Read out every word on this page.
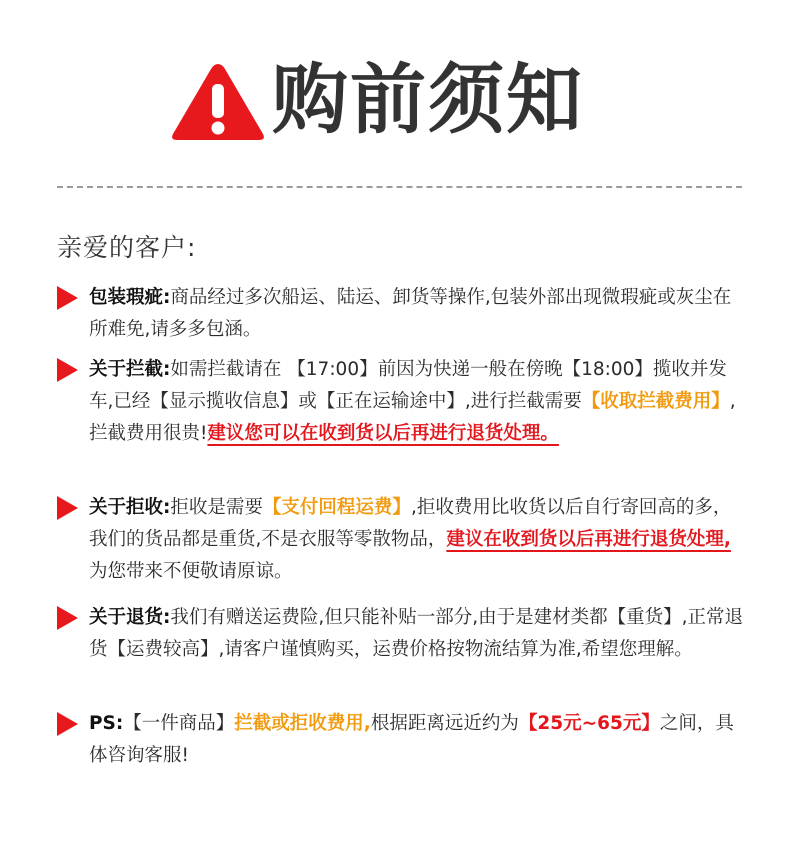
购前须知
亲爱的客户:
包装瑕疵:商品经过多次船运、陆运、卸货等操作,包装外部出现微瑕疵或灰尘在所难免,请多多包涵。
关于拦截:如需拦截请在 【17:00】前因为快递一般在傍晚【18:00】揽收并发车,已经【显示揽收信息】或【正在运输途中】,进行拦截需要【收取拦截费用】,拦截费用很贵!建议您可以在收到货以后再进行退货处理。
关于拒收:拒收是需要【支付回程运费】,拒收费用比收货以后自行寄回高的多，我们的货品都是重货,不是衣服等零散物品，建议在收到货以后再进行退货处理, 为您带来不便敬请原谅。
关于退货:我们有赠送运费险,但只能补贴一部分,由于是建材类都【重货】,正常退货【运费较高】,请客户谨慎购买，运费价格按物流结算为准,希望您理解。
PS:【一件商品】拦截或拒收费用,根据距离远近约为【25元~65元】之间，具体咨询客服!
